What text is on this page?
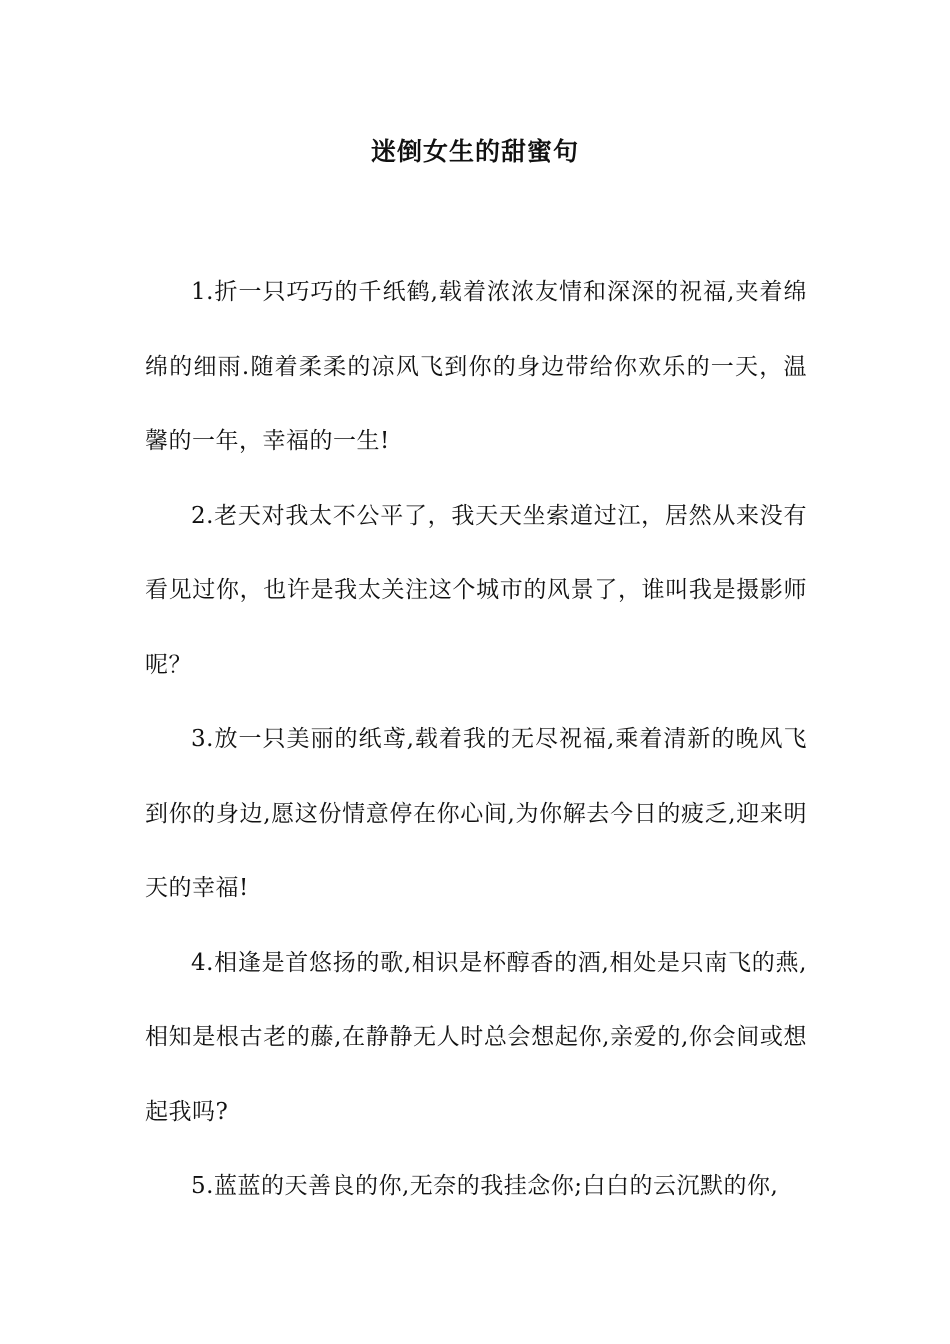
迷倒女生的甜蜜句

1.折一只巧巧的千纸鹤,载着浓浓友情和深深的祝福,夹着绵绵的细雨.随着柔柔的凉风飞到你的身边带给你欢乐的一天，温馨的一年，幸福的一生!

2.老天对我太不公平了，我天天坐索道过江，居然从来没有看见过你，也许是我太关注这个城市的风景了，谁叫我是摄影师呢？

3.放一只美丽的纸鸢,载着我的无尽祝福,乘着清新的晚风飞到你的身边,愿这份情意停在你心间,为你解去今日的疲乏,迎来明天的幸福!

4.相逢是首悠扬的歌,相识是杯醇香的酒,相处是只南飞的燕,相知是根古老的藤,在静静无人时总会想起你,亲爱的,你会间或想起我吗?

5.蓝蓝的天善良的你,无奈的我挂念你;白白的云沉默的你,
